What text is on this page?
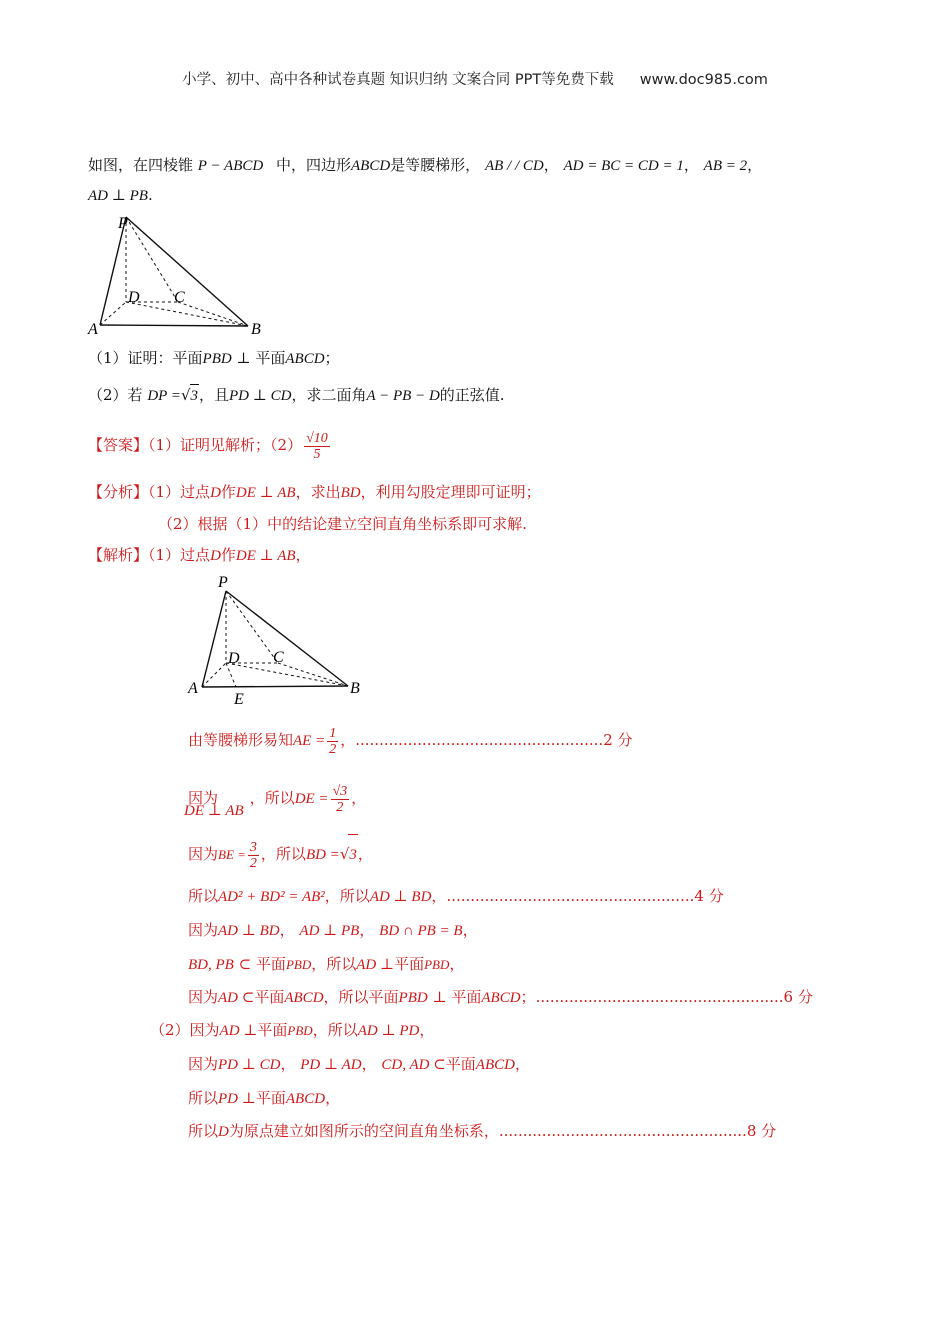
小学、初中、高中各种试卷真题 知识归纳 文案合同 PPT等免费下载 www.doc985.com
如图，在四棱锥 P − ABCD 中，四边形ABCD是等腰梯形， AB / / CD， AD = BC = CD = 1， AB = 2，
AD ⊥ PB.
P
D C
A	B
（1）证明：平面PBD ⊥ 平面ABCD；
（2）若 DP =√3，且PD ⊥ CD，求二面角A − PB − D的正弦值.
【答案】（1）证明见解析；$(2) \frac{√10}{5}$
【分析】（1）过点D作DE ⊥ AB，求出BD，利用勾股定理即可证明；
（2）根据（1）中的结论建立空间直角坐标系即可求解.
【解析】（1）过点D作DE ⊥ AB，
P
D C
A	B
E
由等腰梯形易知AE = $\frac{1}{2}$ ，....................................................2 分
因为DE ⊥ AB，所以DE = $\frac{√3}{2}$ ，
因为BE = $\frac{3}{2}$ ，所以BD =√3，
所以AD² + BD² = AB²，所以AD ⊥ BD，....................................................4 分
因为AD ⊥ BD， AD ⊥ PB， BD ∩ PB = B，
BD, PB ⊂ 平面PBD，所以AD ⊥平面PBD，
因为AD ⊂平面ABCD，所以平面PBD ⊥ 平面ABCD；....................................................6 分
（2）因为AD ⊥平面PBD，所以AD ⊥ PD，
因为PD ⊥ CD， PD ⊥ AD， CD, AD ⊂平面ABCD，
所以PD ⊥平面ABCD，
所以D为原点建立如图所示的空间直角坐标系，....................................................8 分
